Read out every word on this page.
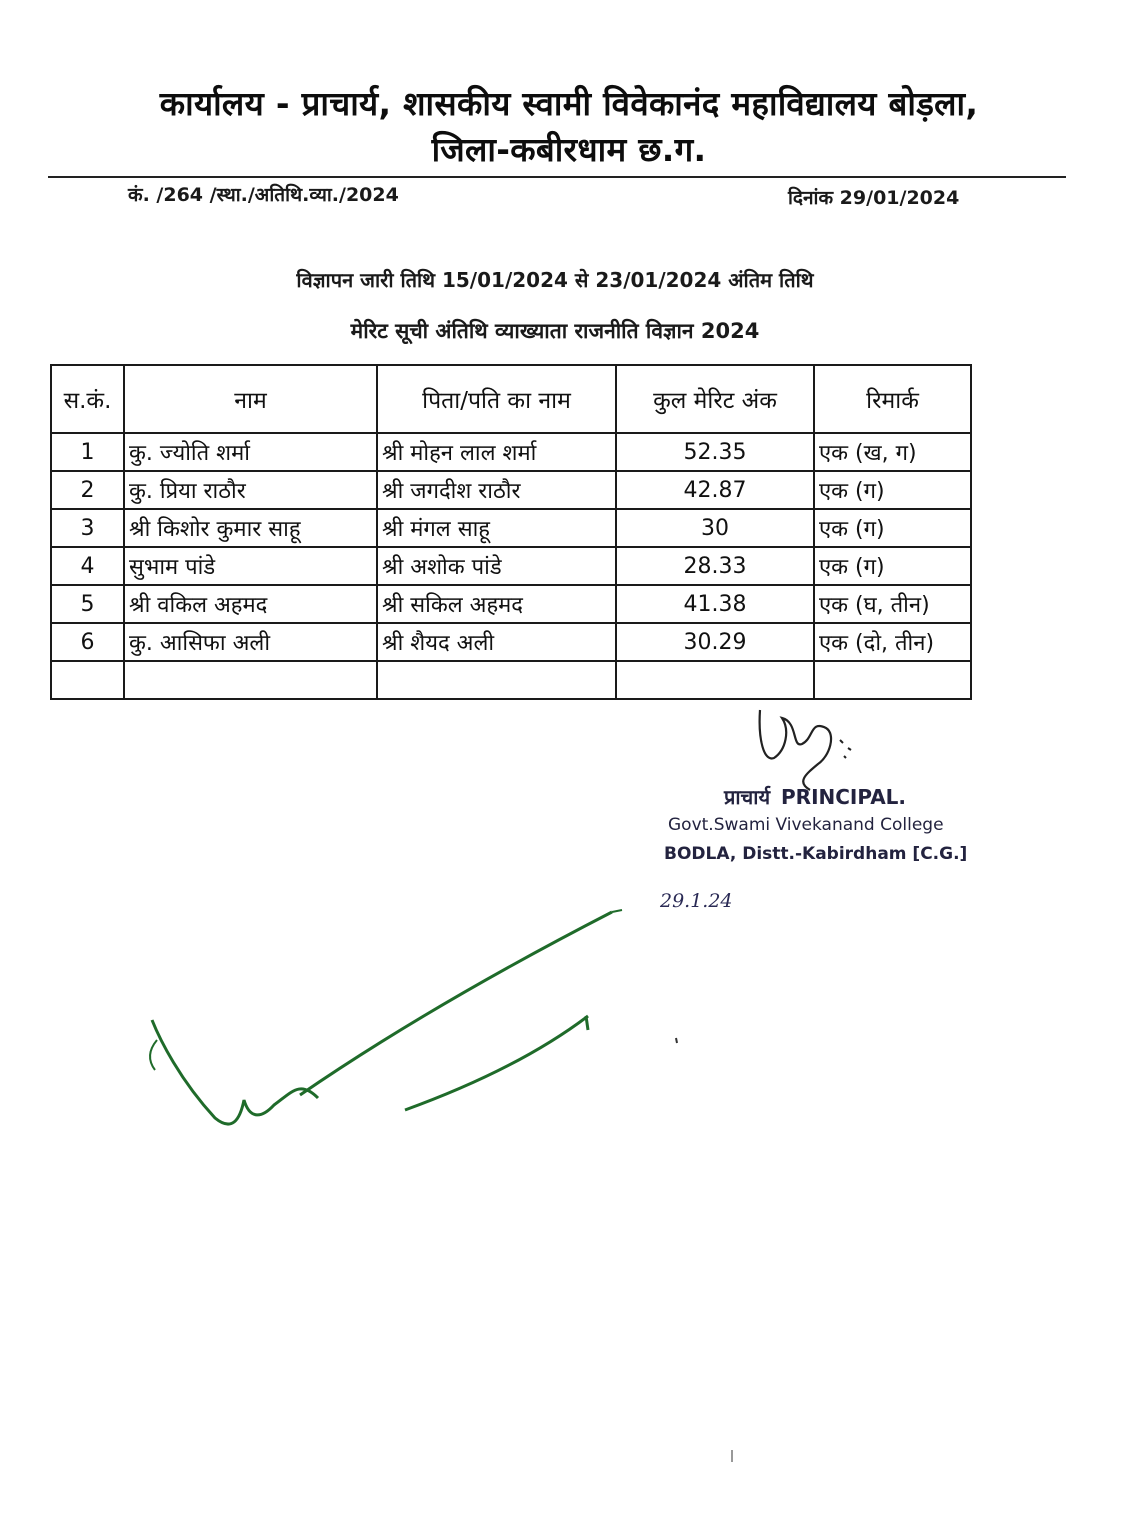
कार्यालय - प्राचार्य, शासकीय स्वामी विवेकानंद महाविद्यालय बोड़ला,
जिला-कबीरधाम छ.ग.
कं. /264 /स्था./अतिथि.व्या./2024	दिनांक 29/01/2024
विज्ञापन जारी तिथि 15/01/2024 से 23/01/2024 अंतिम तिथि
मेरिट सूची अंतिथि व्याख्याता राजनीति विज्ञान 2024
स.कं.	नाम	पिता/पति का नाम	कुल मेरिट अंक	रिमार्क
1	कु. ज्योति शर्मा	श्री मोहन लाल शर्मा	52.35	एक (ख, ग)
2	कु. प्रिया राठौर	श्री जगदीश राठौर	42.87	एक (ग)
3	श्री किशोर कुमार साहू	श्री मंगल साहू	30	एक (ग)
4	सुभाम पांडे	श्री अशोक पांडे	28.33	एक (ग)
5	श्री वकिल अहमद	श्री सकिल अहमद	41.38	एक (घ, तीन)
6	कु. आसिफा अली	श्री शैयद अली	30.29	एक (दो, तीन)

प्राचार्य PRINCIPAL.
Govt.Swami Vivekanand College
BODLA, Distt.-Kabirdham [C.G.]
29.1.24
